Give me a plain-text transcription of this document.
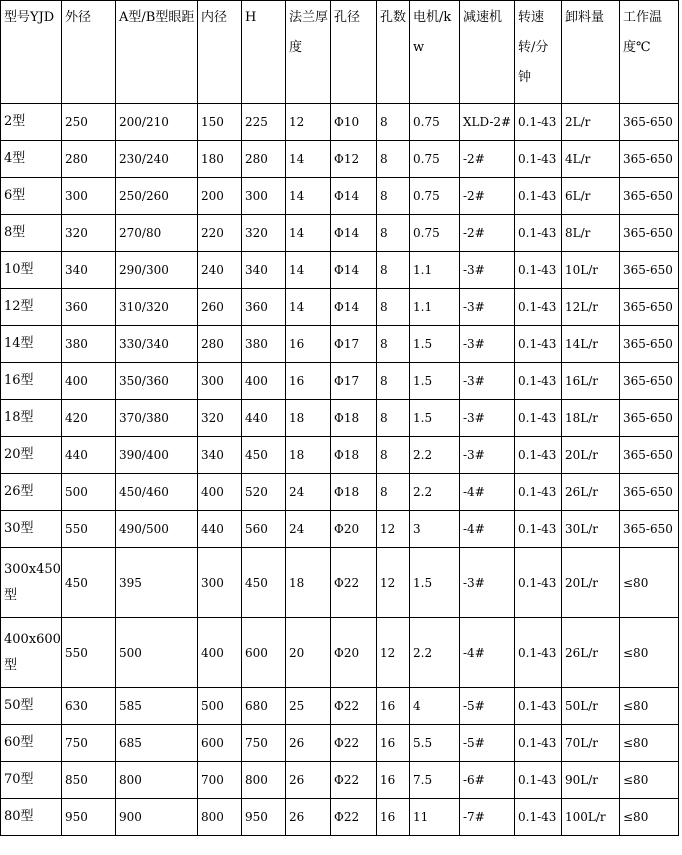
型号YJD	外径	A型/B型眼距	内径	H	法兰厚度	孔径	孔数	电机/kw	减速机	转速转/分钟	卸料量	工作温度℃
2型	250	200/210	150	225	12	Φ10	8	0.75	XLD-2#	0.1-43	2L/r	365-650
4型	280	230/240	180	280	14	Φ12	8	0.75	-2#	0.1-43	4L/r	365-650
6型	300	250/260	200	300	14	Φ14	8	0.75	-2#	0.1-43	6L/r	365-650
8型	320	270/80	220	320	14	Φ14	8	0.75	-2#	0.1-43	8L/r	365-650
10型	340	290/300	240	340	14	Φ14	8	1.1	-3#	0.1-43	10L/r	365-650
12型	360	310/320	260	360	14	Φ14	8	1.1	-3#	0.1-43	12L/r	365-650
14型	380	330/340	280	380	16	Φ17	8	1.5	-3#	0.1-43	14L/r	365-650
16型	400	350/360	300	400	16	Φ17	8	1.5	-3#	0.1-43	16L/r	365-650
18型	420	370/380	320	440	18	Φ18	8	1.5	-3#	0.1-43	18L/r	365-650
20型	440	390/400	340	450	18	Φ18	8	2.2	-3#	0.1-43	20L/r	365-650
26型	500	450/460	400	520	24	Φ18	8	2.2	-4#	0.1-43	26L/r	365-650
30型	550	490/500	440	560	24	Φ20	12	3	-4#	0.1-43	30L/r	365-650
300x450型	450	395	300	450	18	Φ22	12	1.5	-3#	0.1-43	20L/r	≤80
400x600型	550	500	400	600	20	Φ20	12	2.2	-4#	0.1-43	26L/r	≤80
50型	630	585	500	680	25	Φ22	16	4	-5#	0.1-43	50L/r	≤80
60型	750	685	600	750	26	Φ22	16	5.5	-5#	0.1-43	70L/r	≤80
70型	850	800	700	800	26	Φ22	16	7.5	-6#	0.1-43	90L/r	≤80
80型	950	900	800	950	26	Φ22	16	11	-7#	0.1-43	100L/r	≤80
